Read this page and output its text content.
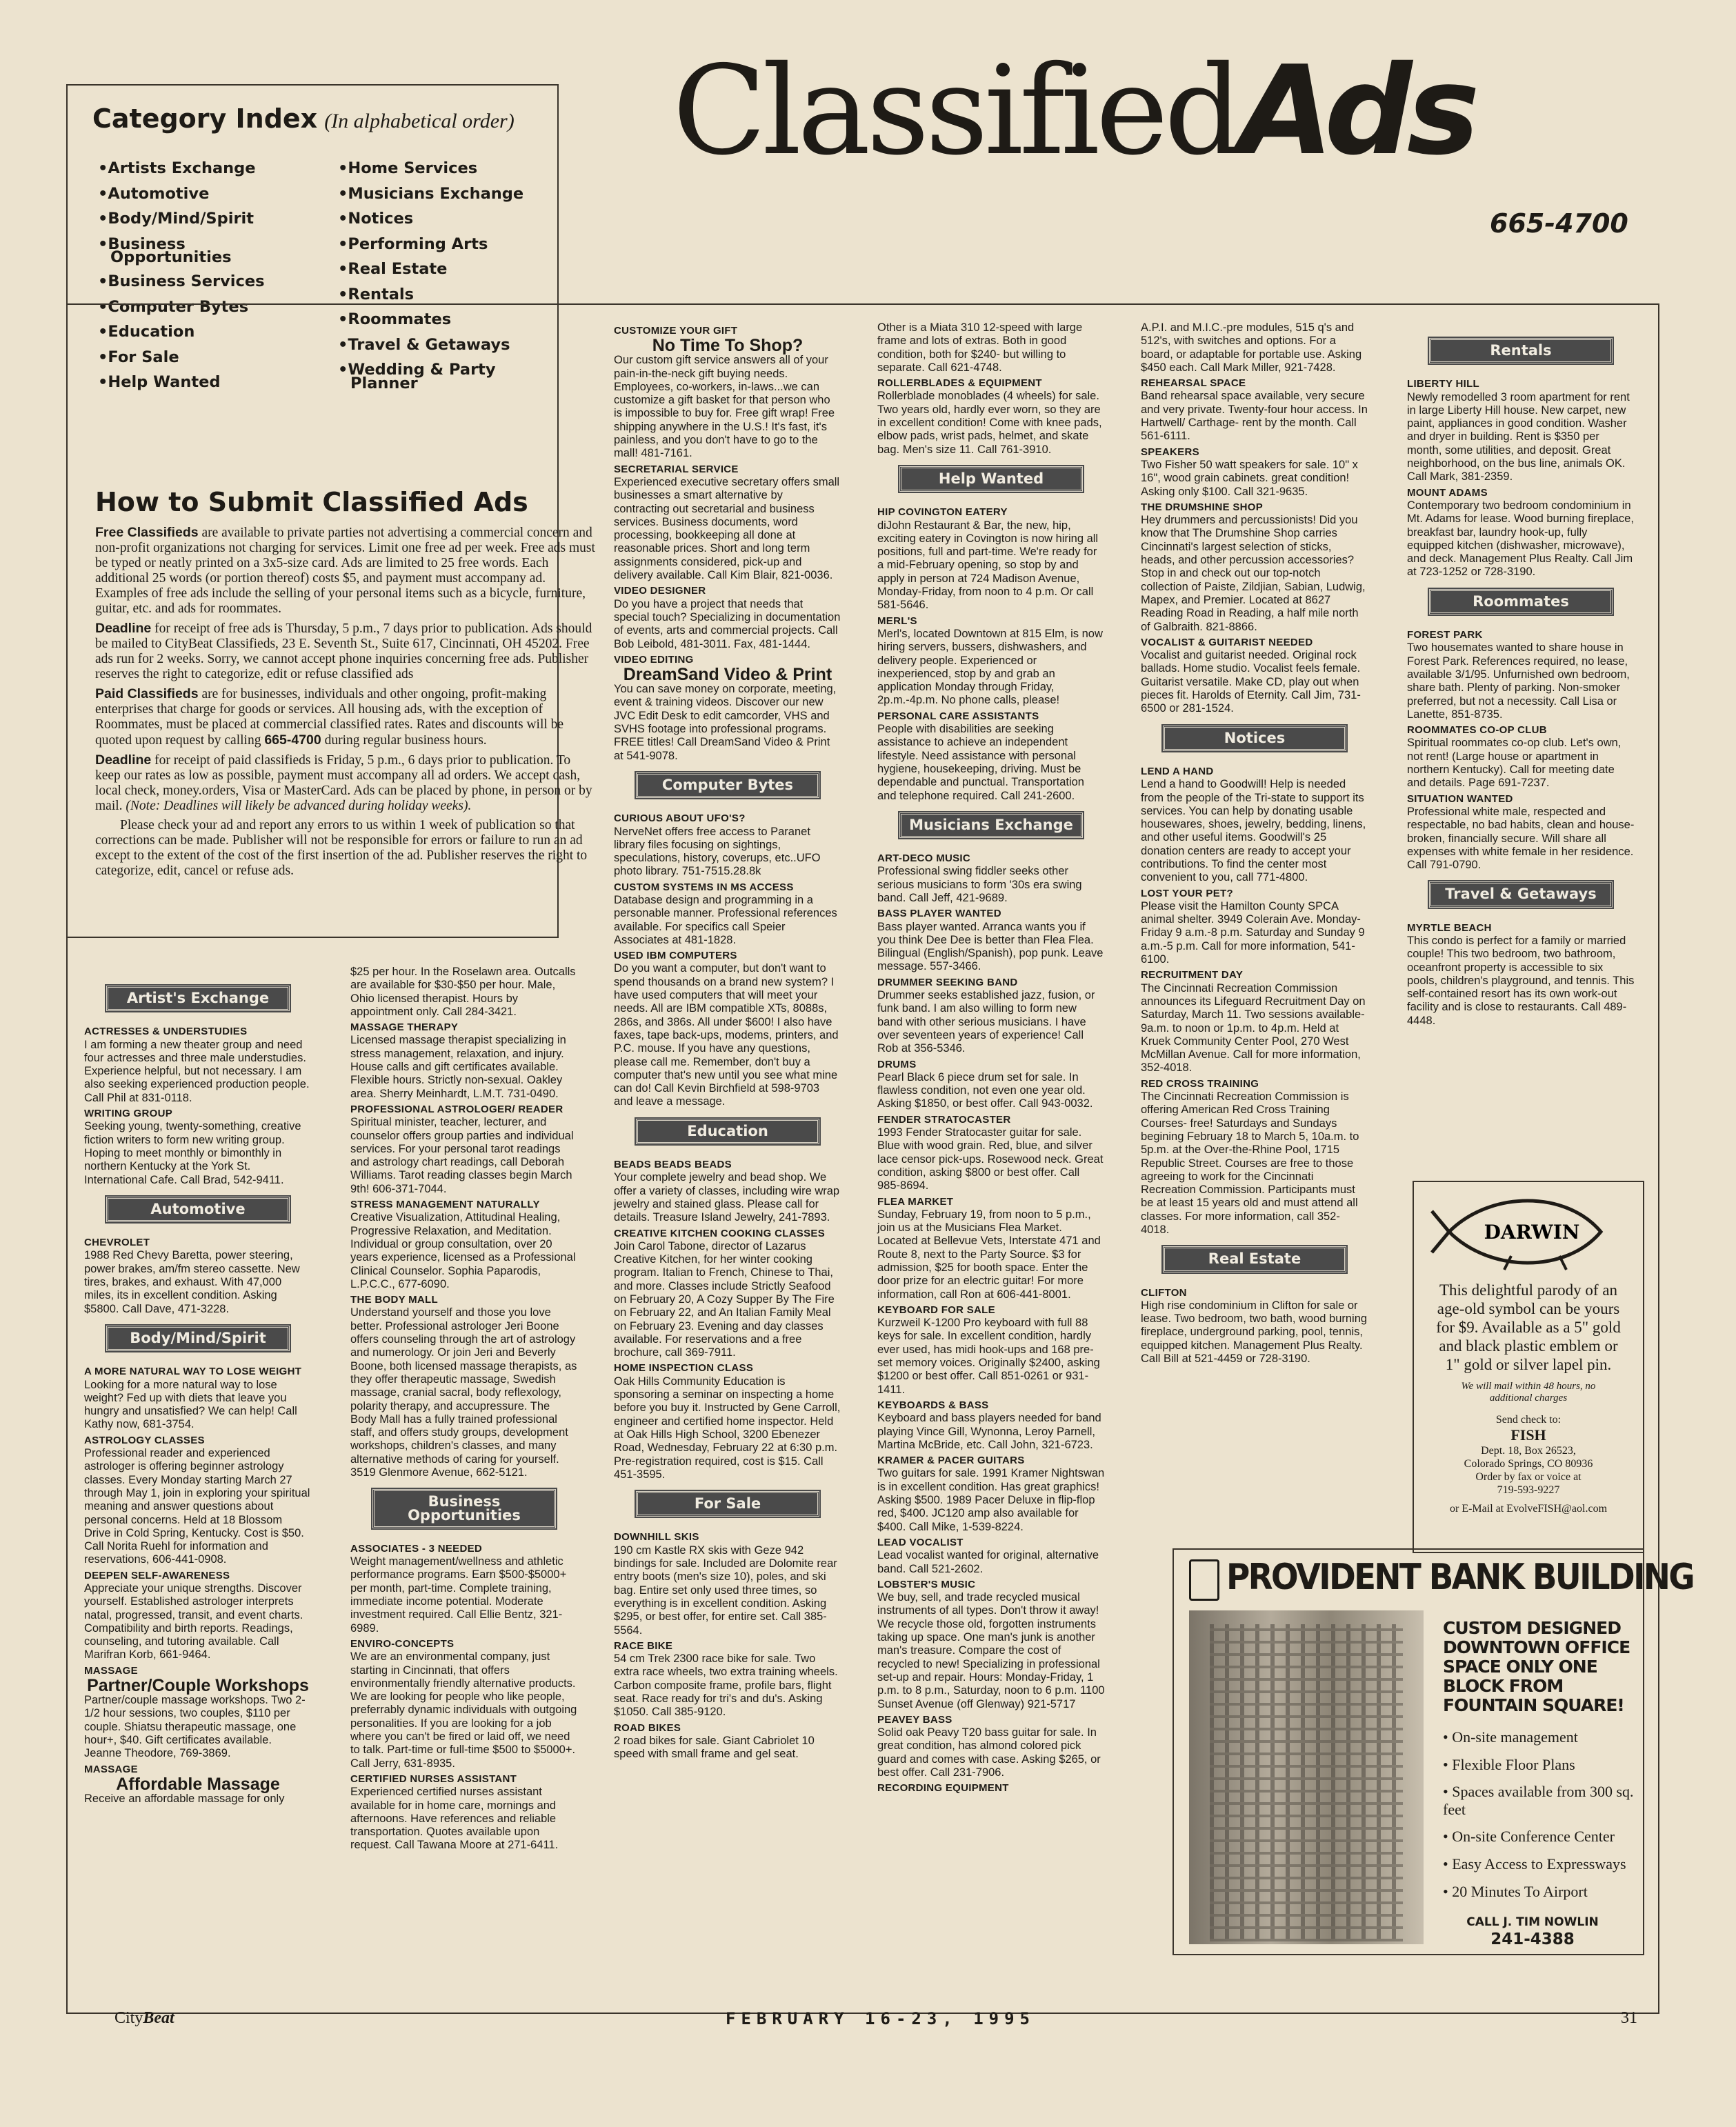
ClassifiedAds
665-4700
Category Index (In alphabetical order)
•Artists Exchange
•Automotive
•Body/Mind/Spirit
•Business
Opportunities
•Business Services
•Computer Bytes
•Education
•For Sale
•Help Wanted
•Home Services
•Musicians Exchange
•Notices
•Performing Arts
•Real Estate
•Rentals
•Roommates
•Travel & Getaways
•Wedding & Party
Planner
How to Submit Classified Ads

Free Classifieds are available to private parties not advertising a commercial concern and non-profit organizations not charging for services. Limit one free ad per week. Free ads must be typed or neatly printed on a 3x5-size card. Ads are limited to 25 free words. Each additional 25 words (or portion thereof) costs $5, and payment must accompany ad. Examples of free ads include the selling of your personal items such as a bicycle, furniture, guitar, etc. and ads for roommates.

Deadline for receipt of free ads is Thursday, 5 p.m., 7 days prior to publication. Ads should be mailed to CityBeat Classifieds, 23 E. Seventh St., Suite 617, Cincinnati, OH 45202. Free ads run for 2 weeks. Sorry, we cannot accept phone inquiries concerning free ads. Publisher reserves the right to categorize, edit or refuse classified ads

Paid Classifieds are for businesses, individuals and other ongoing, profit-making enterprises that charge for goods or services. All housing ads, with the exception of Roommates, must be placed at commercial classified rates. Rates and discounts will be quoted upon request by calling 665-4700 during regular business hours.

Deadline for receipt of paid classifieds is Friday, 5 p.m., 6 days prior to publication. To keep our rates as low as possible, payment must accompany all ad orders. We accept cash, local check, money.orders, Visa or MasterCard. Ads can be placed by phone, in person or by mail. (Note: Deadlines will likely be advanced during holiday weeks).

Please check your ad and report any errors to us within 1 week of publication so that corrections can be made. Publisher will not be responsible for errors or failure to run an ad except to the extent of the cost of the first insertion of the ad. Publisher reserves the right to categorize, edit, cancel or refuse ads.

Artist's Exchange
ACTRESSES & UNDERSTUDIES
I am forming a new theater group and need four actresses and three male understudies. Experience helpful, but not necessary. I am also seeking experienced production people. Call Phil at 831-0118.
WRITING GROUP
Seeking young, twenty-something, creative fiction writers to form new writing group. Hoping to meet monthly or bimonthly in northern Kentucky at the York St. International Cafe. Call Brad, 542-9411.
Automotive
CHEVROLET
1988 Red Chevy Baretta, power steering, power brakes, am/fm stereo cassette. New tires, brakes, and exhaust. With 47,000 miles, its in excellent condition. Asking $5800. Call Dave, 471-3228.
Body/Mind/Spirit
A MORE NATURAL WAY TO LOSE WEIGHT
Looking for a more natural way to lose weight? Fed up with diets that leave you hungry and unsatisfied? We can help! Call Kathy now, 681-3754.
ASTROLOGY CLASSES
Professional reader and experienced astrologer is offering beginner astrology classes. Every Monday starting March 27 through May 1, join in exploring your spiritual meaning and answer questions about personal concerns. Held at 18 Blossom Drive in Cold Spring, Kentucky. Cost is $50. Call Norita Ruehl for information and reservations, 606-441-0908.
DEEPEN SELF-AWARENESS
Appreciate your unique strengths. Discover yourself. Established astrologer interprets natal, progressed, transit, and event charts. Compatibility and birth reports. Readings, counseling, and tutoring available. Call Marifran Korb, 661-9464.
MASSAGE
Partner/Couple Workshops
Partner/couple massage workshops. Two 2-1/2 hour sessions, two couples, $110 per couple. Shiatsu therapeutic massage, one hour+, $40. Gift certificates available. Jeanne Theodore, 769-3869.
MASSAGE
Affordable Massage
Receive an affordable massage for only
$25 per hour. In the Roselawn area. Outcalls are available for $30-$50 per hour. Male, Ohio licensed therapist. Hours by appointment only. Call 284-3421.
MASSAGE THERAPY
Licensed massage therapist specializing in stress management, relaxation, and injury. House calls and gift certificates available. Flexible hours. Strictly non-sexual. Oakley area. Sherry Meinhardt, L.M.T. 731-0490.
PROFESSIONAL ASTROLOGER/ READER
Spiritual minister, teacher, lecturer, and counselor offers group parties and individual services. For your personal tarot readings and astrology chart readings, call Deborah Williams. Tarot reading classes begin March 9th! 606-371-7044.
STRESS MANAGEMENT NATURALLY
Creative Visualization, Attitudinal Healing, Progressive Relaxation, and Meditation. Individual or group consultation, over 20 years experience, licensed as a Professional Clinical Counselor. Sophia Paparodis, L.P.C.C., 677-6090.
THE BODY MALL
Understand yourself and those you love better. Professional astrologer Jeri Boone offers counseling through the art of astrology and numerology. Or join Jeri and Beverly Boone, both licensed massage therapists, as they offer therapeutic massage, Swedish massage, cranial sacral, body reflexology, polarity therapy, and accupressure. The Body Mall has a fully trained professional staff, and offers study groups, development workshops, children's classes, and many alternative methods of caring for yourself. 3519 Glenmore Avenue, 662-5121.
Business Opportunities
ASSOCIATES - 3 NEEDED
Weight management/wellness and athletic performance programs. Earn $500-$5000+ per month, part-time. Complete training, immediate income potential. Moderate investment required. Call Ellie Bentz, 321-6989.
ENVIRO-CONCEPTS
We are an environmental company, just starting in Cincinnati, that offers environmentally friendly alternative products. We are looking for people who like people, preferrably dynamic individuals with outgoing personalities. If you are looking for a job where you can't be fired or laid off, we need to talk. Part-time or full-time $500 to $5000+. Call Jerry, 631-8935.
CERTIFIED NURSES ASSISTANT
Experienced certified nurses assistant available for in home care, mornings and afternoons. Have references and reliable transportation. Quotes available upon request. Call Tawana Moore at 271-6411.
CUSTOMIZE YOUR GIFT
No Time To Shop?
Our custom gift service answers all of your pain-in-the-neck gift buying needs. Employees, co-workers, in-laws...we can customize a gift basket for that person who is impossible to buy for. Free gift wrap! Free shipping anywhere in the U.S.! It's fast, it's painless, and you don't have to go to the mall! 481-7161.
SECRETARIAL SERVICE
Experienced executive secretary offers small businesses a smart alternative by contracting out secretarial and business services. Business documents, word processing, bookkeeping all done at reasonable prices. Short and long term assignments considered, pick-up and delivery available. Call Kim Blair, 821-0036.
VIDEO DESIGNER
Do you have a project that needs that special touch? Specializing in documentation of events, arts and commercial projects. Call Bob Leibold, 481-3011. Fax, 481-1444.
VIDEO EDITING
DreamSand Video & Print
You can save money on corporate, meeting, event & training videos. Discover our new JVC Edit Desk to edit camcorder, VHS and SVHS footage into professional programs. FREE titles! Call DreamSand Video & Print at 541-9078.
Computer Bytes
CURIOUS ABOUT UFO'S?
NerveNet offers free access to Paranet library files focusing on sightings, speculations, history, coverups, etc..UFO photo library. 751-7515.28.8k
CUSTOM SYSTEMS IN MS ACCESS
Database design and programming in a personable manner. Professional references available. For specifics call Speier Associates at 481-1828.
USED IBM COMPUTERS
Do you want a computer, but don't want to spend thousands on a brand new system? I have used computers that will meet your needs. All are IBM compatible XTs, 8088s, 286s, and 386s. All under $600! I also have faxes, tape back-ups, modems, printers, and P.C. mouse. If you have any questions, please call me. Remember, don't buy a computer that's new until you see what mine can do! Call Kevin Birchfield at 598-9703 and leave a message.
Education
BEADS BEADS BEADS
Your complete jewelry and bead shop. We offer a variety of classes, including wire wrap jewelry and stained glass. Please call for details. Treasure Island Jewelry, 241-7893.
CREATIVE KITCHEN COOKING CLASSES
Join Carol Tabone, director of Lazarus Creative Kitchen, for her winter cooking program. Italian to French, Chinese to Thai, and more. Classes include Strictly Seafood on February 20, A Cozy Supper By The Fire on February 22, and An Italian Family Meal on February 23. Evening and day classes available. For reservations and a free brochure, call 369-7911.
HOME INSPECTION CLASS
Oak Hills Community Education is sponsoring a seminar on inspecting a home before you buy it. Instructed by Gene Carroll, engineer and certified home inspector. Held at Oak Hills High School, 3200 Ebenezer Road, Wednesday, February 22 at 6:30 p.m. Pre-registration required, cost is $15. Call 451-3595.
For Sale
DOWNHILL SKIS
190 cm Kastle RX skis with Geze 942 bindings for sale. Included are Dolomite rear entry boots (men's size 10), poles, and ski bag. Entire set only used three times, so everything is in excellent condition. Asking $295, or best offer, for entire set. Call 385-5564.
RACE BIKE
54 cm Trek 2300 race bike for sale. Two extra race wheels, two extra training wheels. Carbon composite frame, profile bars, flight seat. Race ready for tri's and du's. Asking $1050. Call 385-9120.
ROAD BIKES
2 road bikes for sale. Giant Cabriolet 10 speed with small frame and gel seat.
Other is a Miata 310 12-speed with large frame and lots of extras. Both in good condition, both for $240- but willing to separate. Call 621-4748.
ROLLERBLADES & EQUIPMENT
Rollerblade monoblades (4 wheels) for sale. Two years old, hardly ever worn, so they are in excellent condition! Come with knee pads, elbow pads, wrist pads, helmet, and skate bag. Men's size 11. Call 761-3910.
Help Wanted
HIP COVINGTON EATERY
diJohn Restaurant & Bar, the new, hip, exciting eatery in Covington is now hiring all positions, full and part-time. We're ready for a mid-February opening, so stop by and apply in person at 724 Madison Avenue, Monday-Friday, from noon to 4 p.m. Or call 581-5646.
MERL'S
Merl's, located Downtown at 815 Elm, is now hiring servers, bussers, dishwashers, and delivery people. Experienced or inexperienced, stop by and grab an application Monday through Friday, 2p.m.-4p.m. No phone calls, please!
PERSONAL CARE ASSISTANTS
People with disabilities are seeking assistance to achieve an independent lifestyle. Need assistance with personal hygiene, housekeeping, driving. Must be dependable and punctual. Transportation and telephone required. Call 241-2600.
Musicians Exchange
ART-DECO MUSIC
Professional swing fiddler seeks other serious musicians to form '30s era swing band. Call Jeff, 421-9689.
BASS PLAYER WANTED
Bass player wanted. Arranca wants you if you think Dee Dee is better than Flea Flea. Bilingual (English/Spanish), pop punk. Leave message. 557-3466.
DRUMMER SEEKING BAND
Drummer seeks established jazz, fusion, or funk band. I am also willing to form new band with other serious musicians. I have over seventeen years of experience! Call Rob at 356-5346.
DRUMS
Pearl Black 6 piece drum set for sale. In flawless condition, not even one year old. Asking $1850, or best offer. Call 943-0032.
FENDER STRATOCASTER
1993 Fender Stratocaster guitar for sale. Blue with wood grain. Red, blue, and silver lace censor pick-ups. Rosewood neck. Great condition, asking $800 or best offer. Call 985-8694.
FLEA MARKET
Sunday, February 19, from noon to 5 p.m., join us at the Musicians Flea Market. Located at Bellevue Vets, Interstate 471 and Route 8, next to the Party Source. $3 for admission, $25 for booth space. Enter the door prize for an electric guitar! For more information, call Ron at 606-441-8001.
KEYBOARD FOR SALE
Kurzweil K-1200 Pro keyboard with full 88 keys for sale. In excellent condition, hardly ever used, has midi hook-ups and 168 pre-set memory voices. Originally $2400, asking $1200 or best offer. Call 851-0261 or 931-1411.
KEYBOARDS & BASS
Keyboard and bass players needed for band playing Vince Gill, Wynonna, Leroy Parnell, Martina McBride, etc. Call John, 321-6723.
KRAMER & PACER GUITARS
Two guitars for sale. 1991 Kramer Nightswan is in excellent condition. Has great graphics! Asking $500. 1989 Pacer Deluxe in flip-flop red, $400. JC120 amp also available for $400. Call Mike, 1-539-8224.
LEAD VOCALIST
Lead vocalist wanted for original, alternative band. Call 521-2602.
LOBSTER'S MUSIC
We buy, sell, and trade recycled musical instruments of all types. Don't throw it away! We recycle those old, forgotten instruments taking up space. One man's junk is another man's treasure. Compare the cost of recycled to new! Specializing in professional set-up and repair. Hours: Monday-Friday, 1 p.m. to 8 p.m., Saturday, noon to 6 p.m. 1100 Sunset Avenue (off Glenway) 921-5717
PEAVEY BASS
Solid oak Peavy T20 bass guitar for sale. In great condition, has almond colored pick guard and comes with case. Asking $265, or best offer. Call 231-7906.
RECORDING EQUIPMENT
A.P.I. and M.I.C.-pre modules, 515 q's and 512's, with switches and options. For a board, or adaptable for portable use. Asking $450 each. Call Mark Miller, 921-7428.
REHEARSAL SPACE
Band rehearsal space available, very secure and very private. Twenty-four hour access. In Hartwell/ Carthage- rent by the month. Call 561-6111.
SPEAKERS
Two Fisher 50 watt speakers for sale. 10" x 16", wood grain cabinets. great condition! Asking only $100. Call 321-9635.
THE DRUMSHINE SHOP
Hey drummers and percussionists! Did you know that The Drumshine Shop carries Cincinnati's largest selection of sticks, heads, and other percussion accessories? Stop in and check out our top-notch collection of Paiste, Zildjian, Sabian, Ludwig, Mapex, and Premier. Located at 8627 Reading Road in Reading, a half mile north of Galbraith. 821-8866.
VOCALIST & GUITARIST NEEDED
Vocalist and guitarist needed. Original rock ballads. Home studio. Vocalist feels female. Guitarist versatile. Make CD, play out when pieces fit. Harolds of Eternity. Call Jim, 731-6500 or 281-1524.
Notices
LEND A HAND
Lend a hand to Goodwill! Help is needed from the people of the Tri-state to support its services. You can help by donating usable housewares, shoes, jewelry, bedding, linens, and other useful items. Goodwill's 25 donation centers are ready to accept your contributions. To find the center most convenient to you, call 771-4800.
LOST YOUR PET?
Please visit the Hamilton County SPCA animal shelter. 3949 Colerain Ave. Monday-Friday 9 a.m.-8 p.m. Saturday and Sunday 9 a.m.-5 p.m. Call for more information, 541-6100.
RECRUITMENT DAY
The Cincinnati Recreation Commission announces its Lifeguard Recruitment Day on Saturday, March 11. Two sessions available- 9a.m. to noon or 1p.m. to 4p.m. Held at Kruek Community Center Pool, 270 West McMillan Avenue. Call for more information, 352-4018.
RED CROSS TRAINING
The Cincinnati Recreation Commission is offering American Red Cross Training Courses- free! Saturdays and Sundays begining February 18 to March 5, 10a.m. to 5p.m. at the Over-the-Rhine Pool, 1715 Republic Street. Courses are free to those agreeing to work for the Cincinnati Recreation Commission. Participants must be at least 15 years old and must attend all classes. For more information, call 352-4018.
Real Estate
CLIFTON
High rise condominium in Clifton for sale or lease. Two bedroom, two bath, wood burning fireplace, underground parking, pool, tennis, equipped kitchen. Management Plus Realty. Call Bill at 521-4459 or 728-3190.
Rentals
LIBERTY HILL
Newly remodelled 3 room apartment for rent in large Liberty Hill house. New carpet, new paint, appliances in good condition. Washer and dryer in building. Rent is $350 per month, some utilities, and deposit. Great neighborhood, on the bus line, animals OK. Call Mark, 381-2359.
MOUNT ADAMS
Contemporary two bedroom condominium in Mt. Adams for lease. Wood burning fireplace, breakfast bar, laundry hook-up, fully equipped kitchen (dishwasher, microwave), and deck. Management Plus Realty. Call Jim at 723-1252 or 728-3190.
Roommates
FOREST PARK
Two housemates wanted to share house in Forest Park. References required, no lease, available 3/1/95. Unfurnished own bedroom, share bath. Plenty of parking. Non-smoker preferred, but not a necessity. Call Lisa or Lanette, 851-8735.
ROOMMATES CO-OP CLUB
Spiritual roommates co-op club. Let's own, not rent! (Large house or apartment in northern Kentucky). Call for meeting date and details. Page 691-7237.
SITUATION WANTED
Professional white male, respected and respectable, no bad habits, clean and house-broken, financially secure. Will share all expenses with white female in her residence. Call 791-0790.
Travel & Getaways
MYRTLE BEACH
This condo is perfect for a family or married couple! This two bedroom, two bathroom, oceanfront property is accessible to six pools, children's playground, and tennis. This self-contained resort has its own work-out facility and is close to restaurants. Call 489-4448.
DARWIN
This delightful parody of an age-old symbol can be yours for $9. Available as a 5" gold and black plastic emblem or 1" gold or silver lapel pin.
We will mail within 48 hours, no additional charges
Send check to:
FISH
Dept. 18, Box 26523,
Colorado Springs, CO 80936
Order by fax or voice at
719-593-9227
or E-Mail at EvolveFISH@aol.com
PROVIDENT BANK BUILDING
CUSTOM DESIGNED DOWNTOWN OFFICE SPACE ONLY ONE BLOCK FROM FOUNTAIN SQUARE!
• On-site management
• Flexible Floor Plans
• Spaces available from 300 sq. feet
• On-site Conference Center
• Easy Access to Expressways
• 20 Minutes To Airport
CALL J. TIM NOWLIN
241-4388
CityBeat	FEBRUARY 16-23, 1995	31
